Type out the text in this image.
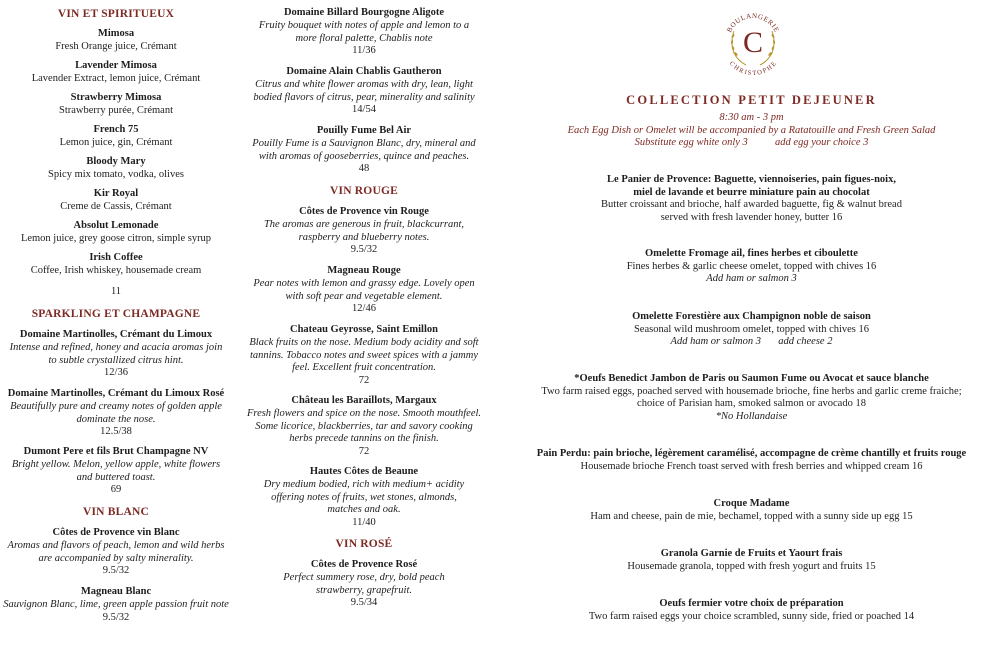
VIN ET SPIRITUEUX
Mimosa
Fresh Orange juice, Crémant
Lavender Mimosa
Lavender Extract, lemon juice, Crémant
Strawberry Mimosa
Strawberry purée, Crémant
French 75
Lemon juice, gin, Crémant
Bloody Mary
Spicy mix tomato, vodka, olives
Kir Royal
Creme de Cassis, Crémant
Absolut Lemonade
Lemon juice, grey goose citron, simple syrup
Irish Coffee
Coffee, Irish whiskey, housemade cream
11
SPARKLING ET CHAMPAGNE
Domaine Martinolles, Crémant du Limoux
Intense and refined, honey and acacia aromas join
to subtle crystallized citrus hint.
12/36
Domaine Martinolles, Crémant du Limoux Rosé
Beautifully pure and creamy notes of golden apple
dominate the nose.
12.5/38
Dumont Pere et fils Brut Champagne NV
Bright yellow. Melon, yellow apple, white flowers
and buttered toast.
69
VIN BLANC
Côtes de Provence vin Blanc
Aromas and flavors of peach, lemon and wild herbs
are accompanied by salty minerality.
9.5/32
Magneau Blanc
Sauvignon Blanc, lime, green apple passion fruit note
9.5/32
Domaine Billard Bourgogne Aligote
Fruity bouquet with notes of apple and lemon to a
more floral palette, Chablis note
11/36
Domaine Alain Chablis Gautheron
Citrus and white flower aromas with dry, lean, light
bodied flavors of citrus, pear, minerality and salinity
14/54
Pouilly Fume Bel Air
Pouilly Fume is a Sauvignon Blanc, dry, mineral and
with aromas of gooseberries, quince and peaches.
48
VIN ROUGE
Côtes de Provence vin Rouge
The aromas are generous in fruit, blackcurrant,
raspberry and blueberry notes.
9.5/32
Magneau Rouge
Pear notes with lemon and grassy edge. Lovely open
with soft pear and vegetable element.
12/46
Chateau Geyrosse, Saint Emillon
Black fruits on the nose. Medium body acidity and soft
tannins. Tobacco notes and sweet spices with a jammy
feel. Excellent fruit concentration.
72
Château les Baraillots, Margaux
Fresh flowers and spice on the nose. Smooth mouthfeel.
Some licorice, blackberries, tar and savory cooking
herbs precede tannins on the finish.
72
Hautes Côtes de Beaune
Dry medium bodied, rich with medium+ acidity
offering notes of fruits, wet stones, almonds,
matches and oak.
11/40
VIN ROSÉ
Côtes de Provence Rosé
Perfect summery rose, dry, bold peach
strawberry, grapefruit.
9.5/34
BOULANGERIE
CHRISTOPHE
C
COLLECTION PETIT DEJEUNER
8:30 am - 3 pm
Each Egg Dish or Omelet will be accompanied by a Ratatouille and Fresh Green Salad
Substitute egg white only 3	add egg your choice 3
Le Panier de Provence: Baguette, viennoiseries, pain figues-noix,
miel de lavande et beurre miniature pain au chocolat
Butter croissant and brioche, half awarded baguette, fig & walnut bread
served with fresh lavender honey, butter 16
Omelette Fromage ail, fines herbes et ciboulette
Fines herbes & garlic cheese omelet, topped with chives 16
Add ham or salmon 3
Omelette Forestière aux Champignon noble de saison
Seasonal wild mushroom omelet, topped with chives 16
Add ham or salmon 3 add cheese 2
*Oeufs Benedict Jambon de Paris ou Saumon Fume ou Avocat et sauce blanche
Two farm raised eggs, poached served with housemade brioche, fine herbs and garlic creme fraiche;
choice of Parisian ham, smoked salmon or avocado 18
*No Hollandaise
Pain Perdu: pain brioche, légèrement caramélisé, accompagne de crème chantilly et fruits rouge
Housemade brioche French toast served with fresh berries and whipped cream 16
Croque Madame
Ham and cheese, pain de mie, bechamel, topped with a sunny side up egg 15
Granola Garnie de Fruits et Yaourt frais
Housemade granola, topped with fresh yogurt and fruits 15
Oeufs fermier votre choix de préparation
Two farm raised eggs your choice scrambled, sunny side, fried or poached 14
